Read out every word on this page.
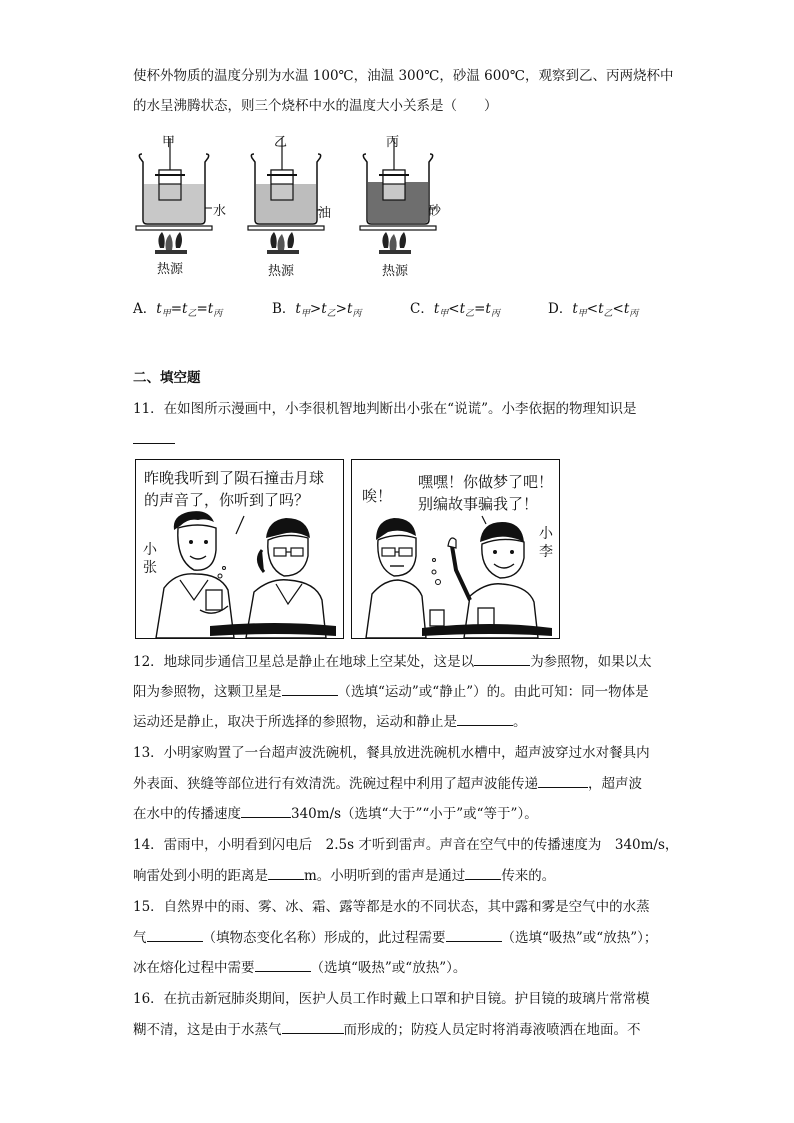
使杯外物质的温度分别为水温 100℃，油温 300℃，砂温 600℃，观察到乙、丙两烧杯中
的水呈沸腾状态，则三个烧杯中水的温度大小关系是（　　）
甲	乙	丙
水	油	砂
热源	热源	热源
A．$t_甲=t_乙=t_丙$	B．$t_甲>t_乙>t_丙$	C．$t_甲<t_乙=t_丙$	D．$t_甲<t_乙<t_丙$
二、填空题
11．在如图所示漫画中，小李很机智地判断出小张在“说谎”。小李依据的物理知识是
昨晚我听到了陨石撞击月球
的声音了，你听到了吗？
小
张
唉！
嘿嘿！你做梦了吧！
别编故事骗我了！
小
李
12．地球同步通信卫星总是静止在地球上空某处，这是以	为参照物，如果以太
阳为参照物，这颗卫星是	（选填“运动”或“静止”）的。由此可知：同一物体是
运动还是静止，取决于所选择的参照物，运动和静止是	。
13．小明家购置了一台超声波洗碗机，餐具放进洗碗机水槽中，超声波穿过水对餐具内
外表面、狭缝等部位进行有效清洗。洗碗过程中利用了超声波能传递	，超声波
在水中的传播速度	340m/s（选填“大于”“小于”或“等于”）。
14．雷雨中，小明看到闪电后　2.5s 才听到雷声。声音在空气中的传播速度为　340m/s，
响雷处到小明的距离是	m。小明听到的雷声是通过	传来的。
15．自然界中的雨、雾、冰、霜、露等都是水的不同状态，其中露和雾是空气中的水蒸
气	（填物态变化名称）形成的，此过程需要	（选填“吸热”或“放热”）；
冰在熔化过程中需要	（选填“吸热”或“放热”）。
16．在抗击新冠肺炎期间，医护人员工作时戴上口罩和护目镜。护目镜的玻璃片常常模
糊不清，这是由于水蒸气	而形成的；防疫人员定时将消毒液喷洒在地面。不
